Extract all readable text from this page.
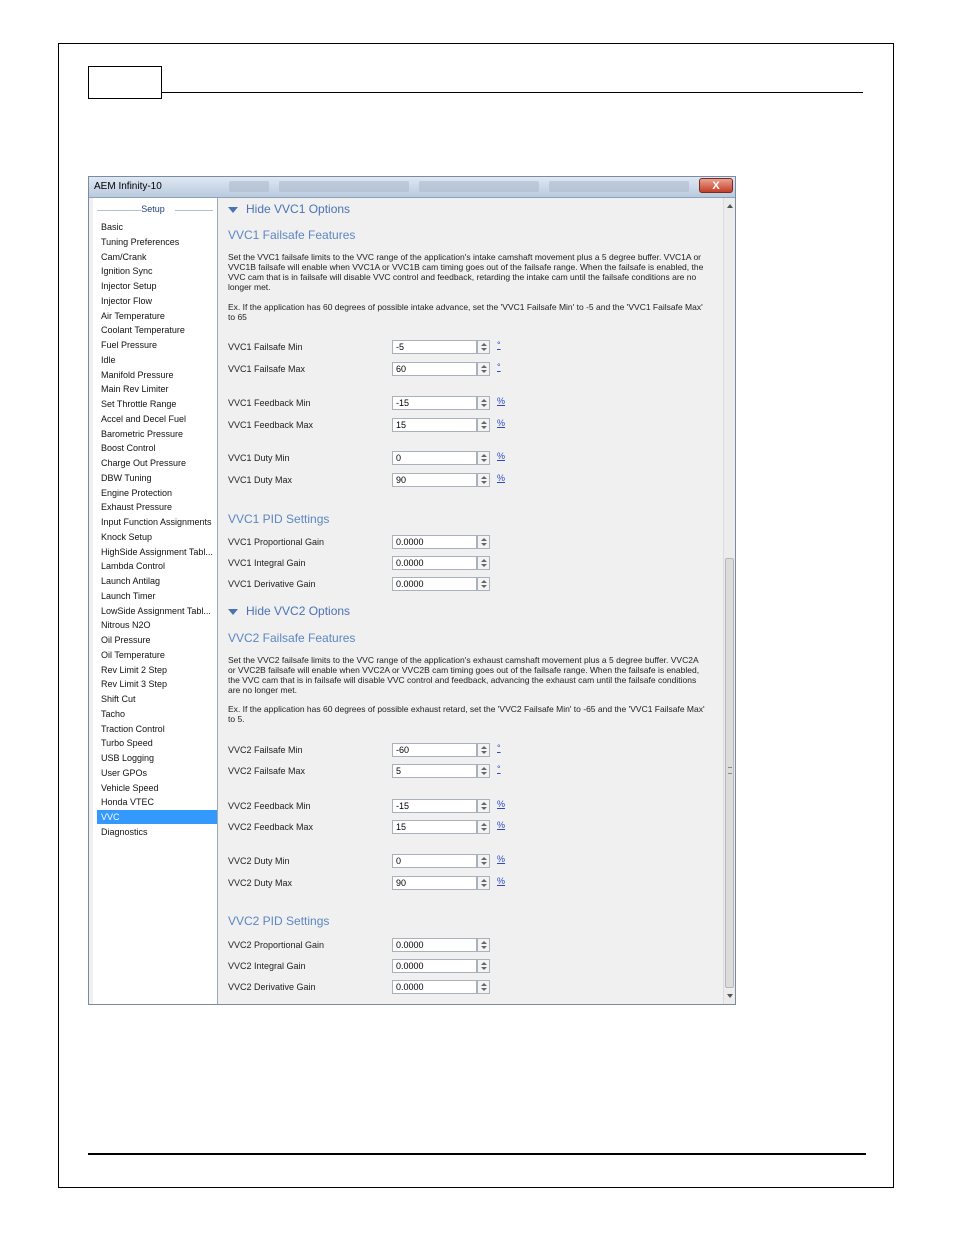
AEM Infinity-10	X
Setup
Basic
Tuning Preferences
Cam/Crank
Ignition Sync
Injector Setup
Injector Flow
Air Temperature
Coolant Temperature
Fuel Pressure
Idle
Manifold Pressure
Main Rev Limiter
Set Throttle Range
Accel and Decel Fuel
Barometric Pressure
Boost Control
Charge Out Pressure
DBW Tuning
Engine Protection
Exhaust Pressure
Input Function Assignments
Knock Setup
HighSide Assignment Tabl...
Lambda Control
Launch Antilag
Launch Timer
LowSide Assignment Tabl...
Nitrous N2O
Oil Pressure
Oil Temperature
Rev Limit 2 Step
Rev Limit 3 Step
Shift Cut
Tacho
Traction Control
Turbo Speed
USB Logging
User GPOs
Vehicle Speed
Honda VTEC
VVC
Diagnostics
Hide VVC1 Options
VVC1 Failsafe Features
Set the VVC1 failsafe limits to the VVC range of the application's intake camshaft movement plus a 5 degree buffer. VVC1A or VVC1B failsafe will enable when VVC1A or VVC1B cam timing goes out of the failsafe range. When the failsafe is enabled, the VVC cam that is in failsafe will disable VVC control and feedback, retarding the intake cam until the failsafe conditions are no longer met.
Ex. If the application has 60 degrees of possible intake advance, set the 'VVC1 Failsafe Min' to -5 and the 'VVC1 Failsafe Max' to 65
VVC1 Failsafe Min	-5	°
VVC1 Failsafe Max	60	°
VVC1 Feedback Min	-15	%
VVC1 Feedback Max	15	%
VVC1 Duty Min	0	%
VVC1 Duty Max	90	%
VVC1 PID Settings
VVC1 Proportional Gain	0.0000
VVC1 Integral Gain	0.0000
VVC1 Derivative Gain	0.0000
Hide VVC2 Options
VVC2 Failsafe Features
Set the VVC2 failsafe limits to the VVC range of the application's exhaust camshaft movement plus a 5 degree buffer. VVC2A or VVC2B failsafe will enable when VVC2A or VVC2B cam timing goes out of the failsafe range. When the failsafe is enabled, the VVC cam that is in failsafe will disable VVC control and feedback, advancing the exhaust cam until the failsafe conditions are no longer met.
Ex. If the application has 60 degrees of possible exhaust retard, set the 'VVC2 Failsafe Min' to -65 and the 'VVC1 Failsafe Max' to 5.
VVC2 Failsafe Min	-60	°
VVC2 Failsafe Max	5	°
VVC2 Feedback Min	-15	%
VVC2 Feedback Max	15	%
VVC2 Duty Min	0	%
VVC2 Duty Max	90	%
VVC2 PID Settings
VVC2 Proportional Gain	0.0000
VVC2 Integral Gain	0.0000
VVC2 Derivative Gain	0.0000
